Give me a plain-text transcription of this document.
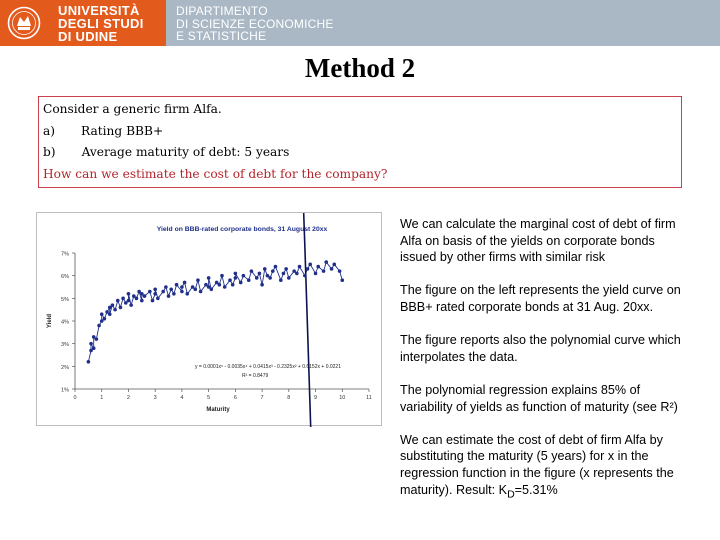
UNIVERSITÀ
DEGLI STUDI
DI UDINE
DIPARTIMENTO
DI SCIENZE ECONOMICHE
E STATISTICHE
Method 2
Consider a generic firm Alfa.
a) Rating BBB+
b) Average maturity of debt: 5 years
How can we estimate the cost of debt for the company?
1%
2%
3%
4%
5%
6%
7%
0	1	2	3	4	5	6	7	8	9	10	11
Yield on BBB-rated corporate bonds, 31 August 20xx
Maturity
Yield
y = 0.0001x⁵ - 0.0035x⁴ + 0.0415x³ - 0.2325x² + 0.6152x + 0.0221
R² = 0.8479

We can calculate the marginal cost of debt of firm Alfa on basis of the yields on corporate bonds issued by other firms with similar risk

The figure on the left represents the yield curve on BBB+ rated corporate bonds at 31 Aug. 20xx.

The figure reports also the polynomial curve which interpolates the data.

The polynomial regression explains 85% of variability of yields as function of maturity (see R²)

We can estimate the cost of debt of firm Alfa by substituting the maturity (5 years) for x in the regression function in the figure (x represents the maturity). Result: $K_D=5.31\%$
